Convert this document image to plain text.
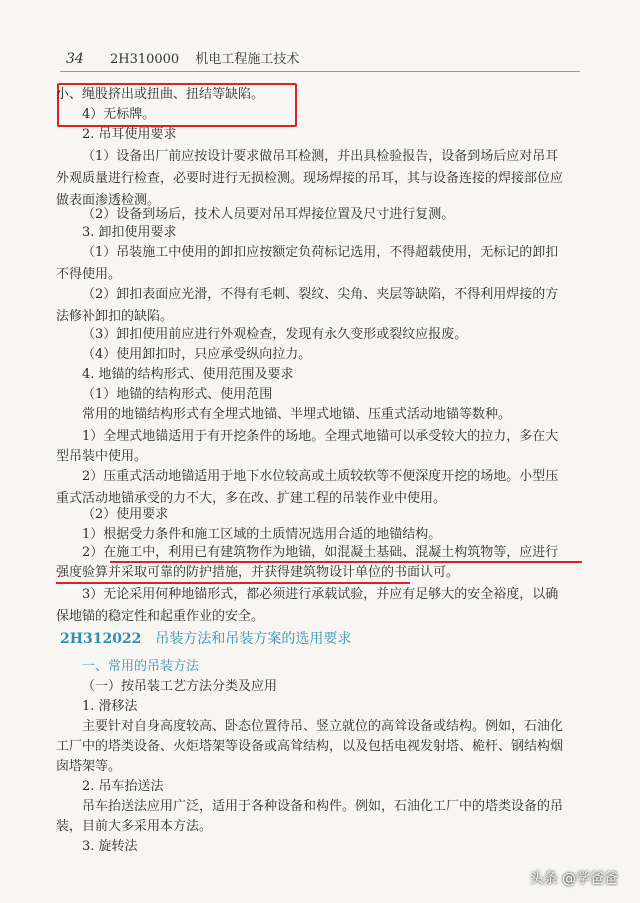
34 2H310000 机电工程施工技术
小、绳股挤出或扭曲、扭结等缺陷。
4）无标牌。
2. 吊耳使用要求
（1）设备出厂前应按设计要求做吊耳检测，并出具检验报告，设备到场后应对吊耳
外观质量进行检查，必要时进行无损检测。现场焊接的吊耳，其与设备连接的焊接部位应
做表面渗透检测。
（2）设备到场后，技术人员要对吊耳焊接位置及尺寸进行复测。
3. 卸扣使用要求
（1）吊装施工中使用的卸扣应按额定负荷标记选用，不得超载使用，无标记的卸扣
不得使用。
（2）卸扣表面应光滑，不得有毛刺、裂纹、尖角、夹层等缺陷，不得利用焊接的方
法修补卸扣的缺陷。
（3）卸扣使用前应进行外观检查，发现有永久变形或裂纹应报废。
（4）使用卸扣时，只应承受纵向拉力。
4. 地锚的结构形式、使用范围及要求
（1）地锚的结构形式、使用范围
常用的地锚结构形式有全埋式地锚、半埋式地锚、压重式活动地锚等数种。
1）全埋式地锚适用于有开挖条件的场地。全埋式地锚可以承受较大的拉力，多在大
型吊装中使用。
2）压重式活动地锚适用于地下水位较高或土质较软等不便深度开挖的场地。小型压
重式活动地锚承受的力不大，多在改、扩建工程的吊装作业中使用。
（2）使用要求
1）根据受力条件和施工区域的土质情况选用合适的地锚结构。
2）在施工中，利用已有建筑物作为地锚，如混凝土基础、混凝土构筑物等，应进行
强度验算并采取可靠的防护措施，并获得建筑物设计单位的书面认可。
3）无论采用何种地锚形式，都必须进行承载试验，并应有足够大的安全裕度，以确
保地锚的稳定性和起重作业的安全。
2H312022 吊装方法和吊装方案的选用要求
一、常用的吊装方法
（一）按吊装工艺方法分类及应用
1. 滑移法
主要针对自身高度较高、卧态位置待吊、竖立就位的高耸设备或结构。例如，石油化
工厂中的塔类设备、火炬塔架等设备或高耸结构，以及包括电视发射塔、桅杆、钢结构烟
囱塔架等。
2. 吊车抬送法
吊车抬送法应用广泛，适用于各种设备和构件。例如，石油化工厂中的塔类设备的吊
装，目前大多采用本方法。
3. 旋转法
头条 @学爸爸
